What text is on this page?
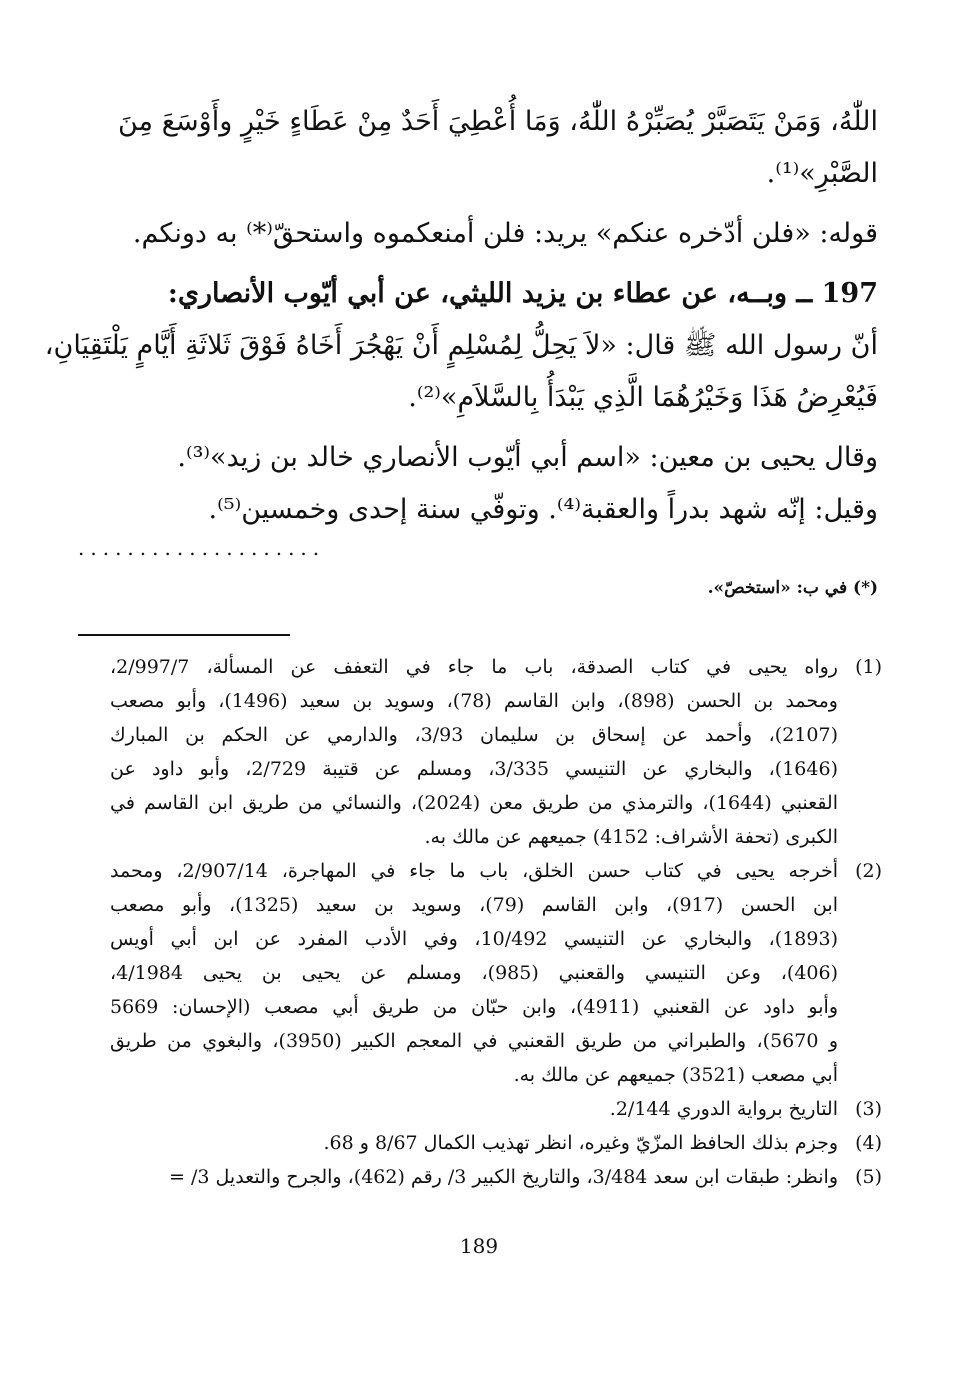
اللّٰهُ، وَمَنْ يَتَصَبَّرْ يُصَبِّرْهُ اللّٰهُ، وَمَا أُعْطِيَ أَحَدٌ مِنْ عَطَاءٍ خَيْرٍ وأَوْسَعَ مِنَ

الصَّبْرِ»⁽¹⁾.

قوله: «فلن أدّخره عنكم» يريد: فلن أمنعكموه واستحقّ⁽*⁾ به دونكم.

197 ــ وبــه، عن عطاء بن يزيد الليثي، عن أبي أيّوب الأنصاري:

أنّ رسول الله ﷺ قال: «لاَ يَحِلُّ لِمُسْلِمٍ أَنْ يَهْجُرَ أَخَاهُ فَوْقَ ثَلاثَةِ أَيَّامٍ يَلْتَقِيَانِ،

فَيُعْرِضُ هَذَا وَخَيْرُهُمَا الَّذِي يَبْدَأُ بِالسَّلاَمِ»⁽²⁾.

وقال يحيى بن معين: «اسم أبي أيّوب الأنصاري خالد بن زيد»⁽³⁾.

وقيل: إنّه شهد بدراً والعقبة⁽⁴⁾. وتوفّي سنة إحدى وخمسين⁽⁵⁾.

....................
(*) في ب: «استخصّ».
(1)

رواه يحيى في كتاب الصدقة، باب ما جاء في التعفف عن المسألة، 2/997/7،

ومحمد بن الحسن (898)، وابن القاسم (78)، وسويد بن سعيد (1496)، وأبو مصعب

(2107)، وأحمد عن إسحاق بن سليمان 3/93، والدارمي عن الحكم بن المبارك

(1646)، والبخاري عن التنيسي 3/335، ومسلم عن قتيبة 2/729، وأبو داود عن

القعنبي (1644)، والترمذي من طريق معن (2024)، والنسائي من طريق ابن القاسم في

الكبرى (تحفة الأشراف: 4152) جميعهم عن مالك به.

(2)

أخرجه يحيى في كتاب حسن الخلق، باب ما جاء في المهاجرة، 2/907/14، ومحمد

ابن الحسن (917)، وابن القاسم (79)، وسويد بن سعيد (1325)، وأبو مصعب

(1893)، والبخاري عن التنيسي 10/492، وفي الأدب المفرد عن ابن أبي أويس

(406)، وعن التنيسي والقعنبي (985)، ومسلم عن يحيى بن يحيى 4/1984،

وأبو داود عن القعنبي (4911)، وابن حبّان من طريق أبي مصعب (الإحسان: 5669

و 5670)، والطبراني من طريق القعنبي في المعجم الكبير (3950)، والبغوي من طريق

أبي مصعب (3521) جميعهم عن مالك به.

(3)

التاريخ برواية الدوري 2/144.

(4)

وجزم بذلك الحافظ المزّيّ وغيره، انظر تهذيب الكمال 8/67 و 68.

(5)

وانظر: طبقات ابن سعد 3/484، والتاريخ الكبير 3/ رقم (462)، والجرح والتعديل 3/ =

189
